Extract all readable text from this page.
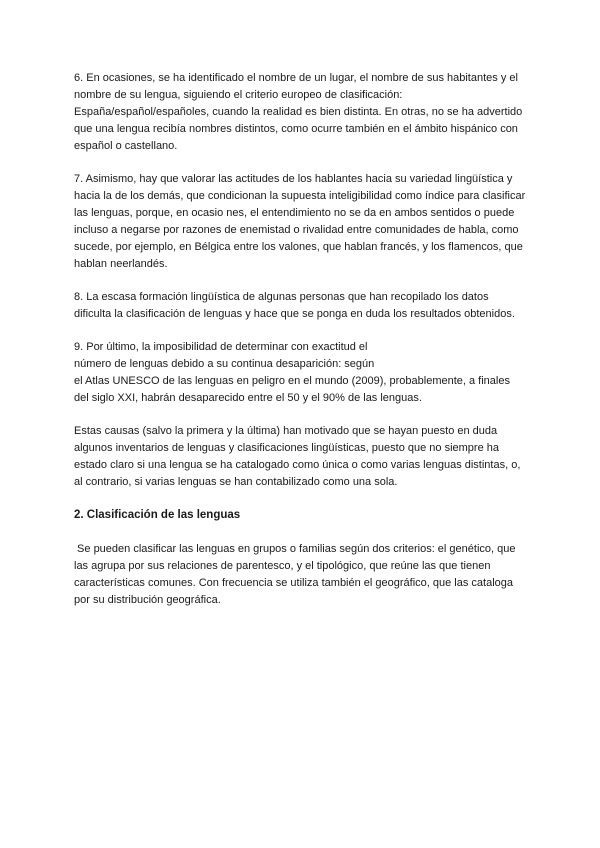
6. En ocasiones, se ha identificado el nombre de un lugar, el nombre de sus habitantes y el
nombre de su lengua, siguiendo el criterio europeo de clasificación:
España/español/españoles, cuando la realidad es bien distinta. En otras, no se ha advertido
que una lengua recibía nombres distintos, como ocurre también en el ámbito hispánico con
español o castellano.
7. Asimismo, hay que valorar las actitudes de los hablantes hacia su variedad lingüística y
hacia la de los demás, que condicionan la supuesta inteligibilidad como índice para clasificar
las lenguas, porque, en ocasio nes, el entendimiento no se da en ambos sentidos o puede
incluso a negarse por razones de enemistad o rivalidad entre comunidades de habla, como
sucede, por ejemplo, en Bélgica entre los valones, que hablan francés, y los flamencos, que
hablan neerlandés.
8. La escasa formación lingüística de algunas personas que han recopilado los datos
dificulta la clasificación de lenguas y hace que se ponga en duda los resultados obtenidos.
9. Por último, la imposibilidad de determinar con exactitud el
número de lenguas debido a su continua desaparición: según
el Atlas UNESCO de las lenguas en peligro en el mundo (2009), probablemente, a finales
del siglo XXI, habrán desaparecido entre el 50 y el 90% de las lenguas.
Estas causas (salvo la primera y la última) han motivado que se hayan puesto en duda
algunos inventarios de lenguas y clasificaciones lingüísticas, puesto que no siempre ha
estado claro si una lengua se ha catalogado como única o como varias lenguas distintas, o,
al contrario, si varias lenguas se han contabilizado como una sola.
2. Clasificación de las lenguas
Se pueden clasificar las lenguas en grupos o familias según dos criterios: el genético, que
las agrupa por sus relaciones de parentesco, y el tipológico, que reúne las que tienen
características comunes. Con frecuencia se utiliza también el geográfico, que las cataloga
por su distribución geográfica.
